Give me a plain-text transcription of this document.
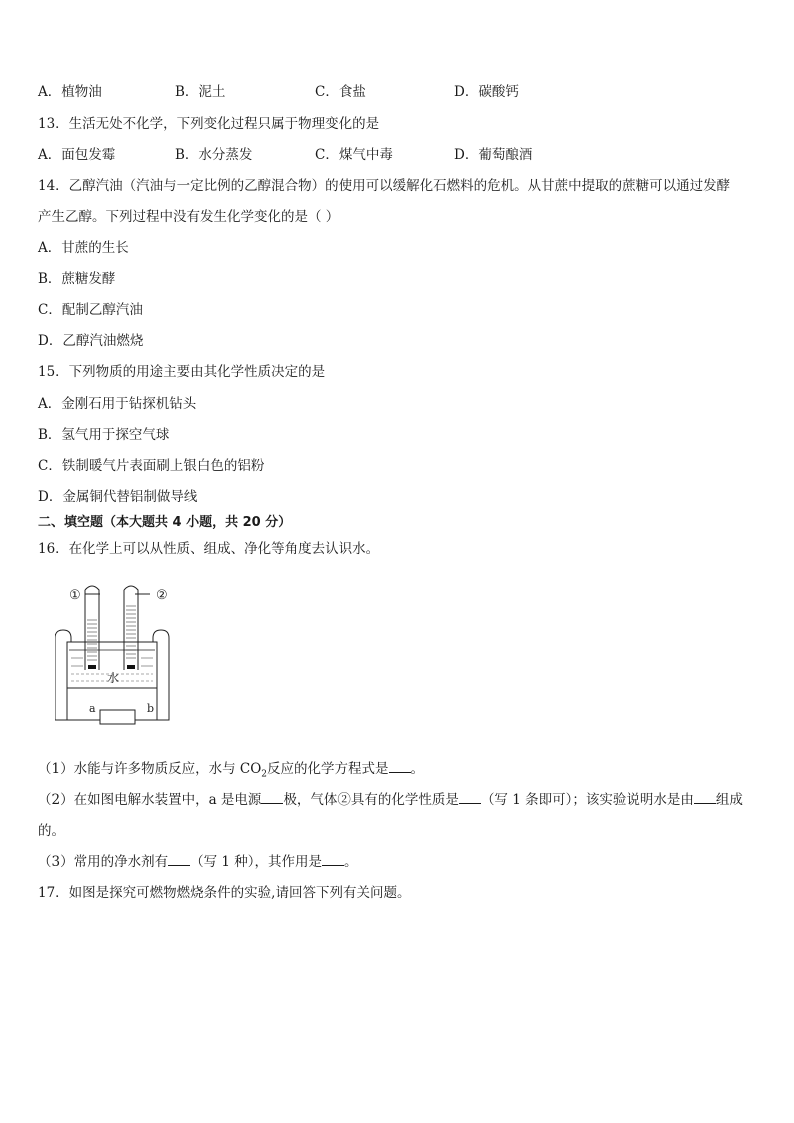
A．植物油	B．泥土	C．食盐	D．碳酸钙
13．生活无处不化学，下列变化过程只属于物理变化的是
A．面包发霉	B．水分蒸发	C．煤气中毒	D．葡萄酿酒
14．乙醇汽油（汽油与一定比例的乙醇混合物）的使用可以缓解化石燃料的危机。从甘蔗中提取的蔗糖可以通过发酵
产生乙醇。下列过程中没有发生化学变化的是（ ）
A．甘蔗的生长
B．蔗糖发酵
C．配制乙醇汽油
D．乙醇汽油燃烧
15．下列物质的用途主要由其化学性质决定的是
A．金刚石用于钻探机钻头
B．氢气用于探空气球
C．铁制暖气片表面刷上银白色的铝粉
D．金属铜代替铝制做导线
二、填空题（本大题共 4 小题，共 20 分）
16．在化学上可以从性质、组成、净化等角度去认识水。
①	②
水
a	b
（1）水能与许多物质反应，水与 $CO_2$反应的化学方程式是 。
（2）在如图电解水装置中，a 是电源 极，气体②具有的化学性质是 （写 1 条即可）；该实验说明水是由 组成
的。
（3）常用的净水剂有 （写 1 种），其作用是 。
17．如图是探究可燃物燃烧条件的实验,请回答下列有关问题。
